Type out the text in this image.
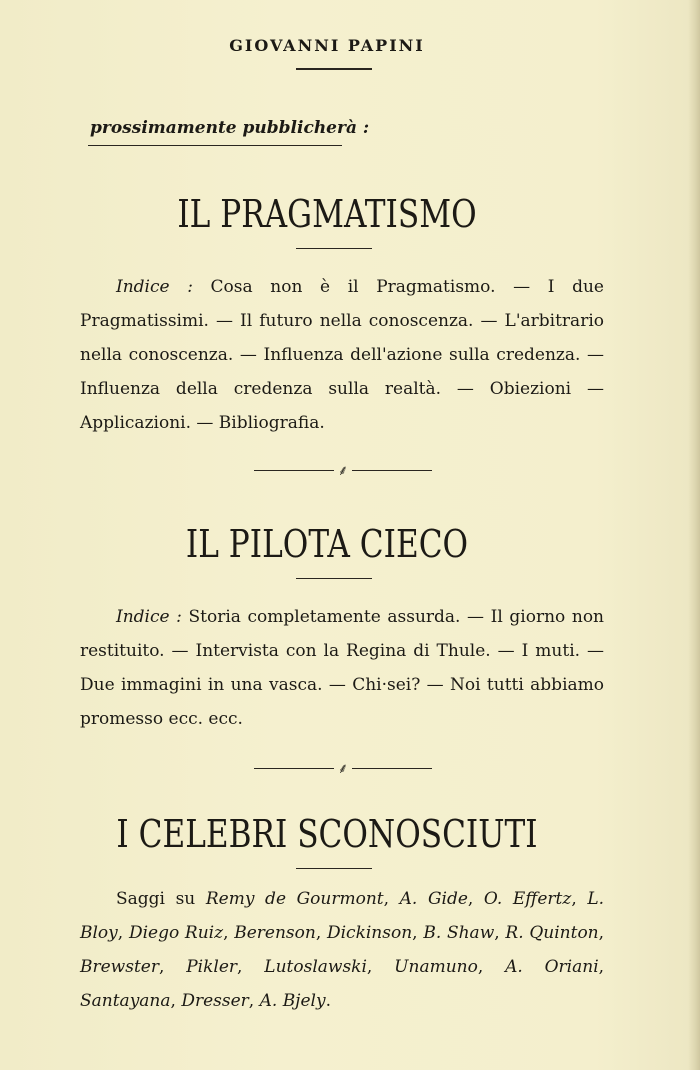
GIOVANNI PAPINI
prossimamente pubblicherà :
IL PRAGMATISMO
Indice : Cosa non è il Pragmatismo. — I due Pragmatissimi. — Il futuro nella conoscenza. — L'arbitrario nella conoscenza. — Influenza dell'azione sulla credenza. — Influenza della credenza sulla realtà. — Obiezioni — Applicazioni. — Bibliografia.
⸙
IL PILOTA CIECO
Indice : Storia completamente assurda. — Il giorno non restituito. — Intervista con la Regina di Thule. — I muti. — Due immagini in una vasca. — Chi·sei? — Noi tutti abbiamo promesso ecc. ecc.
⸙
I CELEBRI SCONOSCIUTI
Saggi su Remy de Gourmont, A. Gide, O. Effertz, L. Bloy, Diego Ruiz, Berenson, Dickinson, B. Shaw, R. Quinton, Brewster, Pikler, Lutoslawski, Unamuno, A. Oriani, Santayana, Dresser, A. Bjely.
